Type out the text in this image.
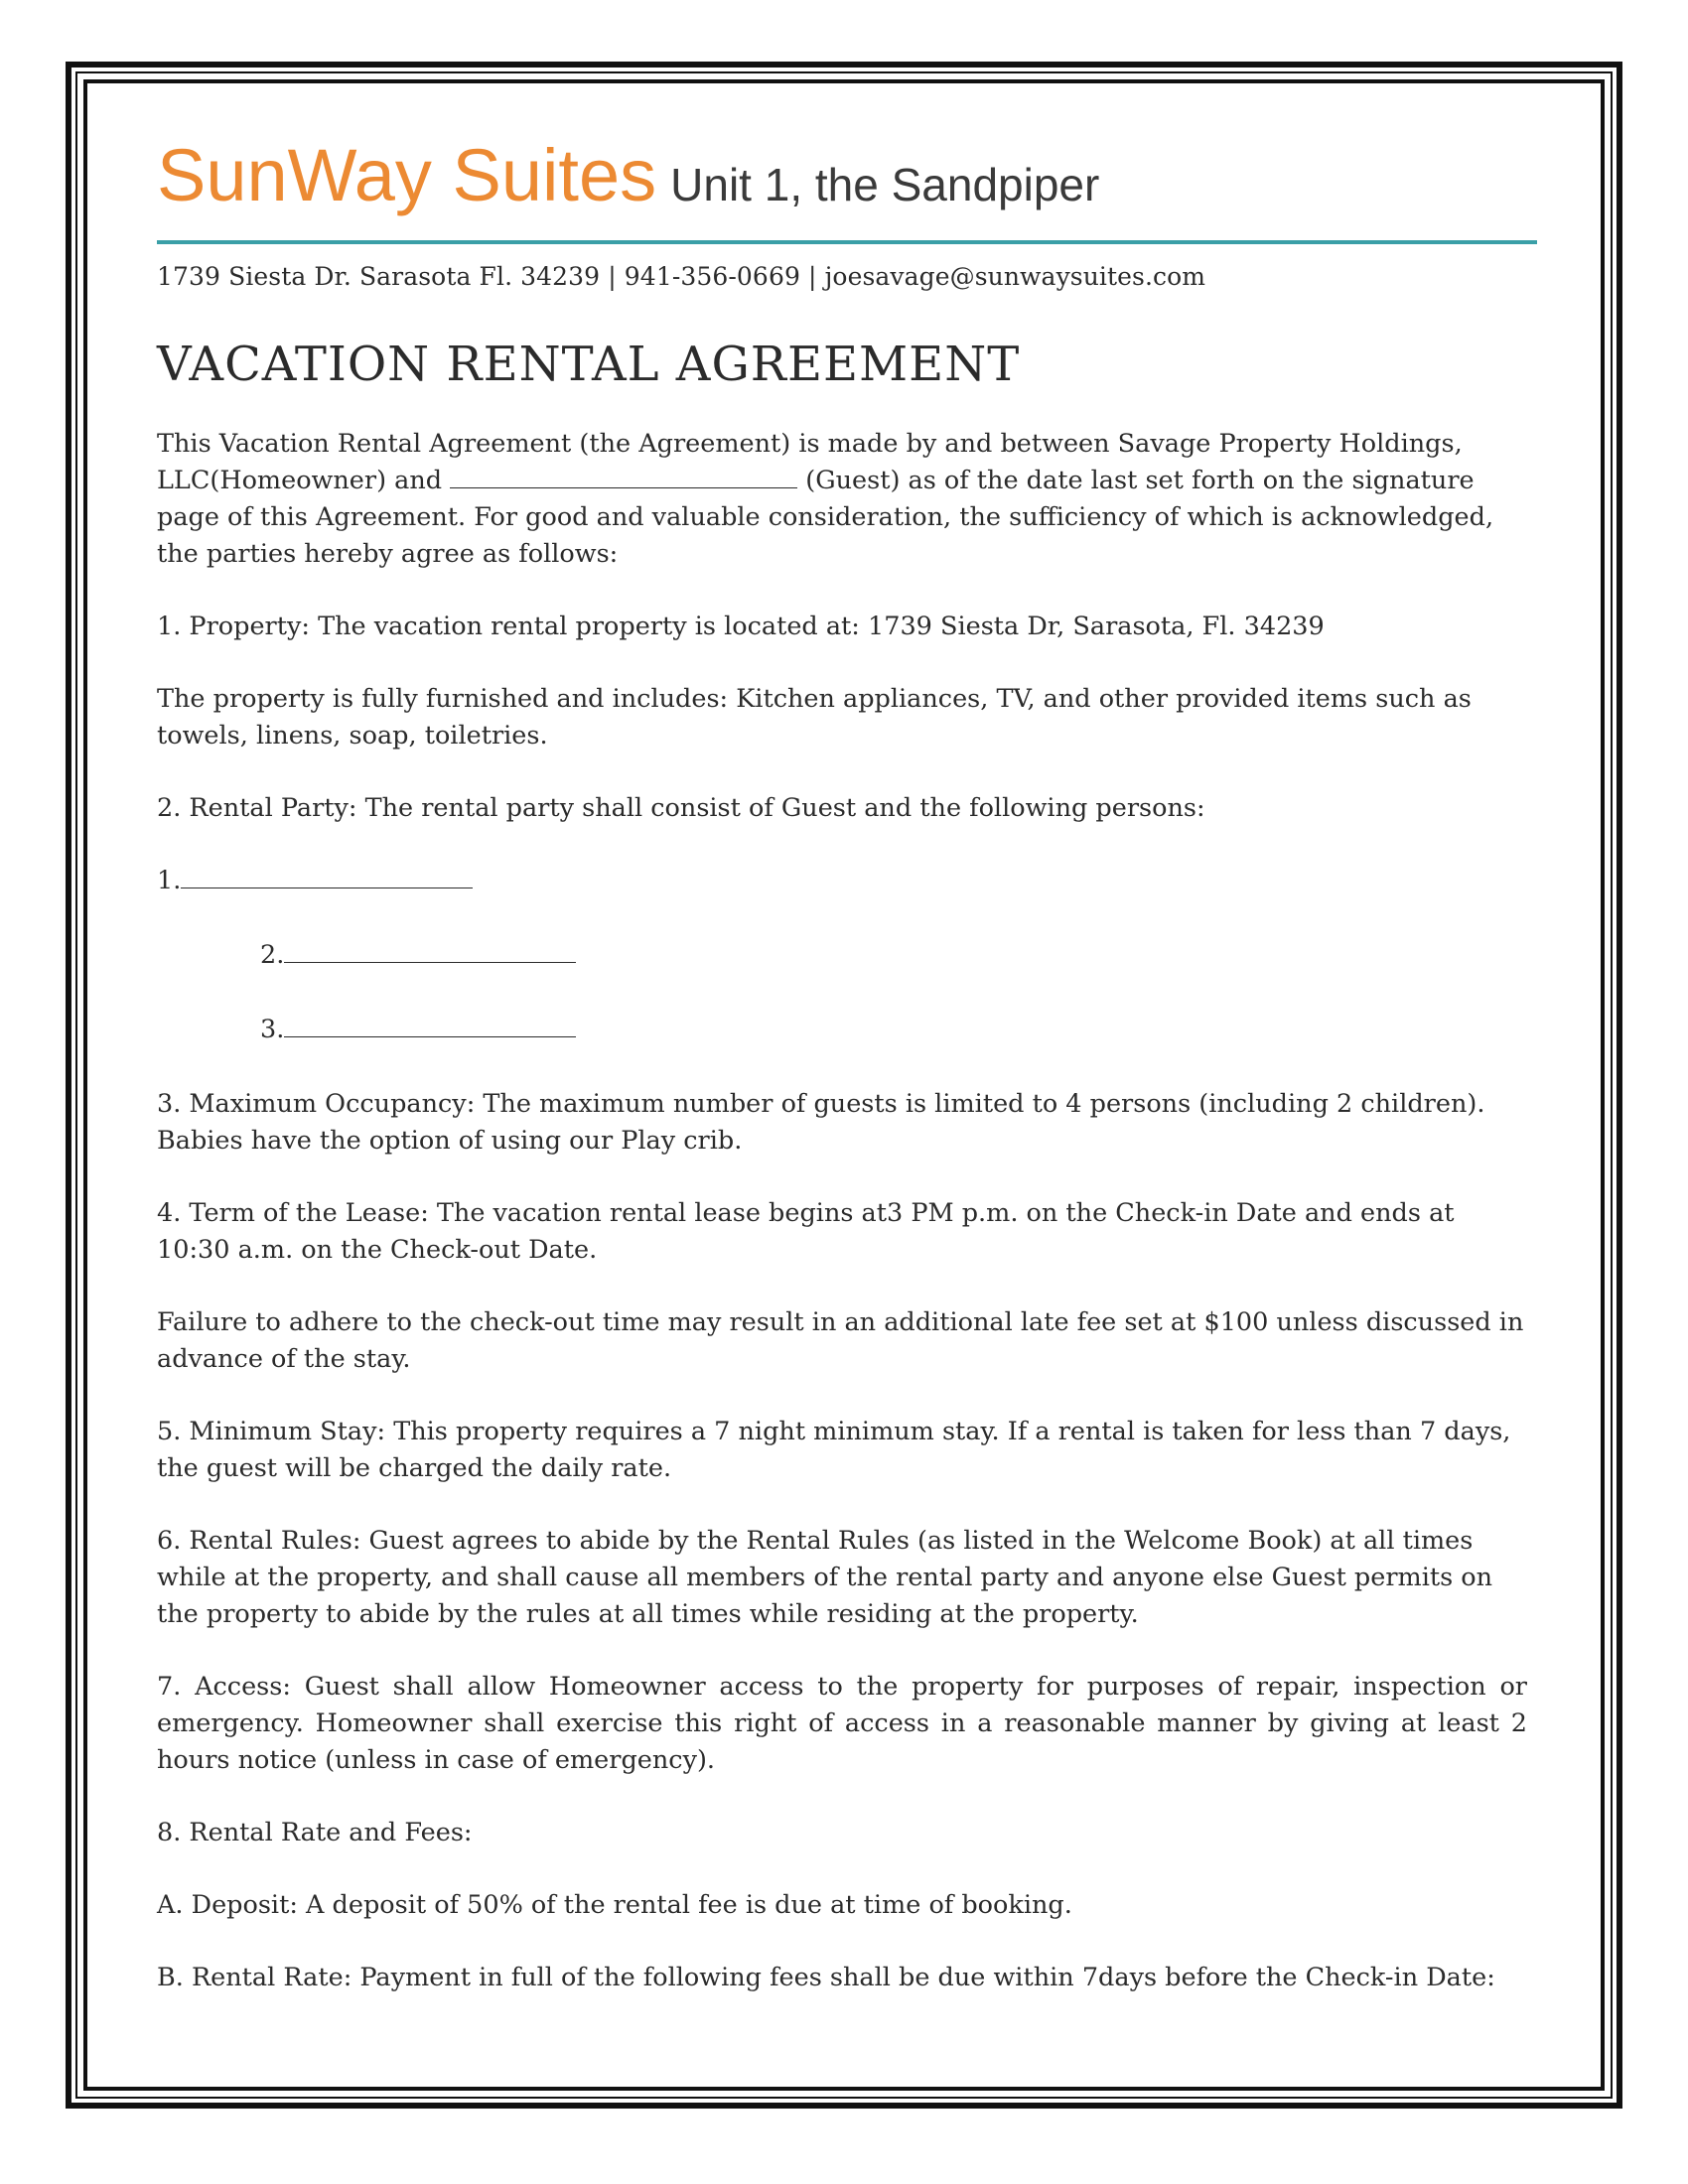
SunWay Suites Unit 1, the Sandpiper
1739 Siesta Dr. Sarasota Fl. 34239 | 941-356-0669 | joesavage@sunwaysuites.com
VACATION RENTAL AGREEMENT

This Vacation Rental Agreement (the Agreement) is made by and between Savage Property Holdings, LLC(Homeowner) and	(Guest) as of the date last set forth on the signature page of this Agreement. For good and valuable consideration, the sufficiency of which is acknowledged, the parties hereby agree as follows:

1. Property: The vacation rental property is located at: 1739 Siesta Dr, Sarasota, Fl. 34239

The property is fully furnished and includes: Kitchen appliances, TV, and other provided items such as towels, linens, soap, toiletries.

2. Rental Party: The rental party shall consist of Guest and the following persons:

1.
2.
3.

3. Maximum Occupancy: The maximum number of guests is limited to 4 persons (including 2 children). Babies have the option of using our Play crib.

4. Term of the Lease: The vacation rental lease begins at3 PM p.m. on the Check-in Date and ends at 10:30 a.m. on the Check-out Date.

Failure to adhere to the check-out time may result in an additional late fee set at $100 unless discussed in advance of the stay.

5. Minimum Stay: This property requires a 7 night minimum stay. If a rental is taken for less than 7 days, the guest will be charged the daily rate.

6. Rental Rules: Guest agrees to abide by the Rental Rules (as listed in the Welcome Book) at all times while at the property, and shall cause all members of the rental party and anyone else Guest permits on the property to abide by the rules at all times while residing at the property.

7. Access: Guest shall allow Homeowner access to the property for purposes of repair, inspection or emergency. Homeowner shall exercise this right of access in a reasonable manner by giving at least 2 hours notice (unless in case of emergency).

8. Rental Rate and Fees:

A. Deposit: A deposit of 50% of the rental fee is due at time of booking.

B. Rental Rate: Payment in full of the following fees shall be due within 7days before the Check-in Date:
